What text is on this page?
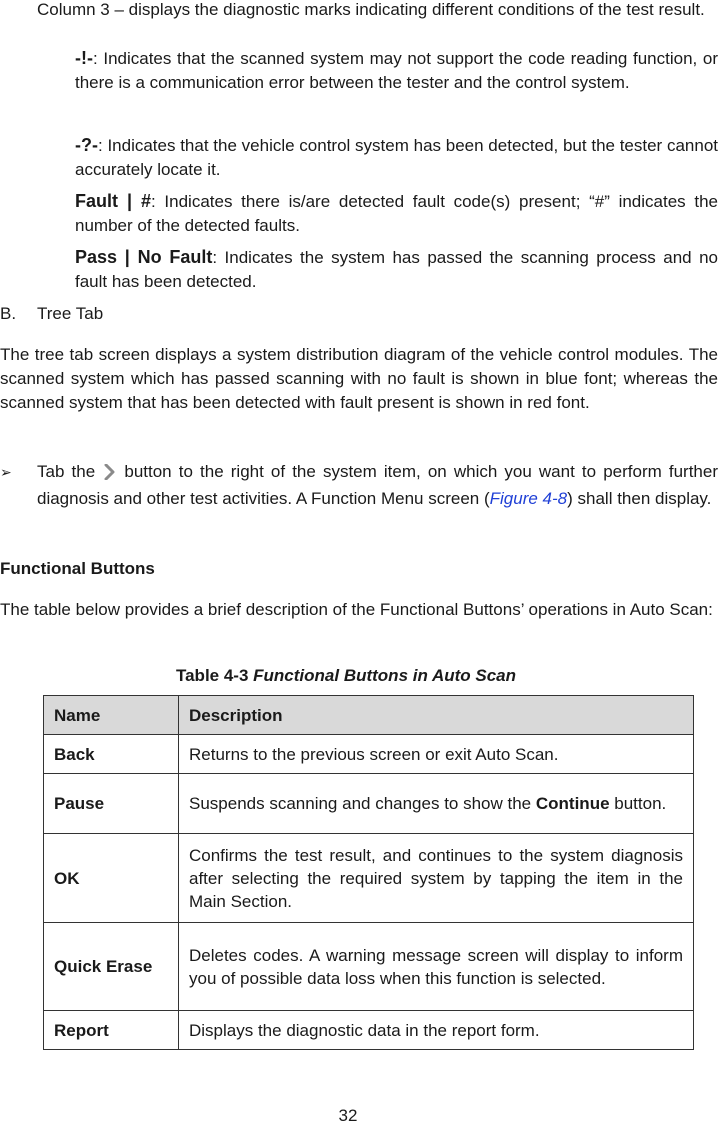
Column 3 – displays the diagnostic marks indicating different conditions of the test result.
-!-: Indicates that the scanned system may not support the code reading function, or there is a communication error between the tester and the control system.
-?-: Indicates that the vehicle control system has been detected, but the tester cannot accurately locate it.
Fault | #: Indicates there is/are detected fault code(s) present; “#” indicates the number of the detected faults.
Pass | No Fault: Indicates the system has passed the scanning process and no fault has been detected.
B. Tree Tab
The tree tab screen displays a system distribution diagram of the vehicle control modules. The scanned system which has passed scanning with no fault is shown in blue font; whereas the scanned system that has been detected with fault present is shown in red font.
➢ Tab the button to the right of the system item, on which you want to perform further diagnosis and other test activities. A Function Menu screen (Figure 4-8) shall then display.
Functional Buttons
The table below provides a brief description of the Functional Buttons’ operations in Auto Scan:
Table 4-3 Functional Buttons in Auto Scan
Name	Description
Back	Returns to the previous screen or exit Auto Scan.
Pause	Suspends scanning and changes to show the Continue button.
OK	Confirms the test result, and continues to the system diagnosis after selecting the required system by tapping the item in the Main Section.
Quick Erase	Deletes codes. A warning message screen will display to inform you of possible data loss when this function is selected.
Report	Displays the diagnostic data in the report form.
32
